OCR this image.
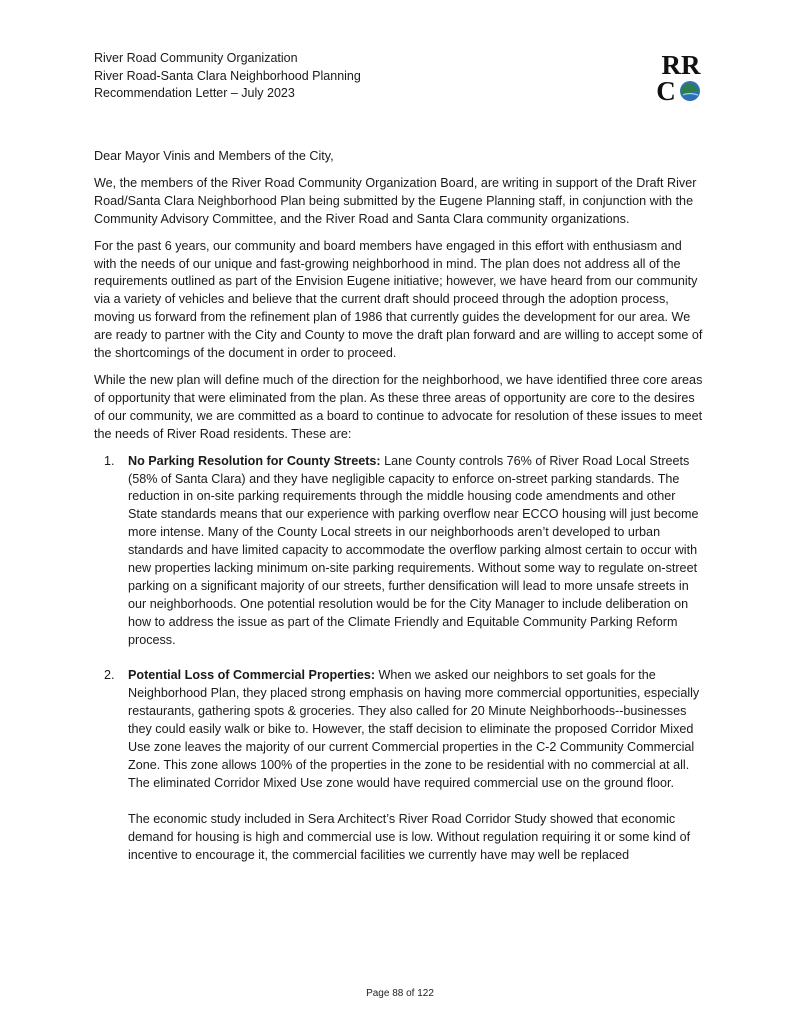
River Road Community Organization
River Road-Santa Clara Neighborhood Planning
Recommendation Letter – July 2023
RR
C

Dear Mayor Vinis and Members of the City,

We, the members of the River Road Community Organization Board, are writing in support of the Draft River Road/Santa Clara Neighborhood Plan being submitted by the Eugene Planning staff, in conjunction with the Community Advisory Committee, and the River Road and Santa Clara community organizations.

For the past 6 years, our community and board members have engaged in this effort with enthusiasm and with the needs of our unique and fast-growing neighborhood in mind. The plan does not address all of the requirements outlined as part of the Envision Eugene initiative; however, we have heard from our community via a variety of vehicles and believe that the current draft should proceed through the adoption process, moving us forward from the refinement plan of 1986 that currently guides the development for our area. We are ready to partner with the City and County to move the draft plan forward and are willing to accept some of the shortcomings of the document in order to proceed.

While the new plan will define much of the direction for the neighborhood, we have identified three core areas of opportunity that were eliminated from the plan. As these three areas of opportunity are core to the desires of our community, we are committed as a board to continue to advocate for resolution of these issues to meet the needs of River Road residents. These are:

1. No Parking Resolution for County Streets: Lane County controls 76% of River Road Local Streets (58% of Santa Clara) and they have negligible capacity to enforce on-street parking standards. The reduction in on-site parking requirements through the middle housing code amendments and other State standards means that our experience with parking overflow near ECCO housing will just become more intense. Many of the County Local streets in our neighborhoods aren’t developed to urban standards and have limited capacity to accommodate the overflow parking almost certain to occur with new properties lacking minimum on-site parking requirements. Without some way to regulate on-street parking on a significant majority of our streets, further densification will lead to more unsafe streets in our neighborhoods. One potential resolution would be for the City Manager to include deliberation on how to address the issue as part of the Climate Friendly and Equitable Community Parking Reform process.

2. Potential Loss of Commercial Properties: When we asked our neighbors to set goals for the Neighborhood Plan, they placed strong emphasis on having more commercial opportunities, especially restaurants, gathering spots & groceries. They also called for 20 Minute Neighborhoods--businesses they could easily walk or bike to. However, the staff decision to eliminate the proposed Corridor Mixed Use zone leaves the majority of our current Commercial properties in the C-2 Community Commercial Zone. This zone allows 100% of the properties in the zone to be residential with no commercial at all. The eliminated Corridor Mixed Use zone would have required commercial use on the ground floor.

The economic study included in Sera Architect’s River Road Corridor Study showed that economic demand for housing is high and commercial use is low. Without regulation requiring it or some kind of incentive to encourage it, the commercial facilities we currently have may well be replaced

Page 88 of 122
